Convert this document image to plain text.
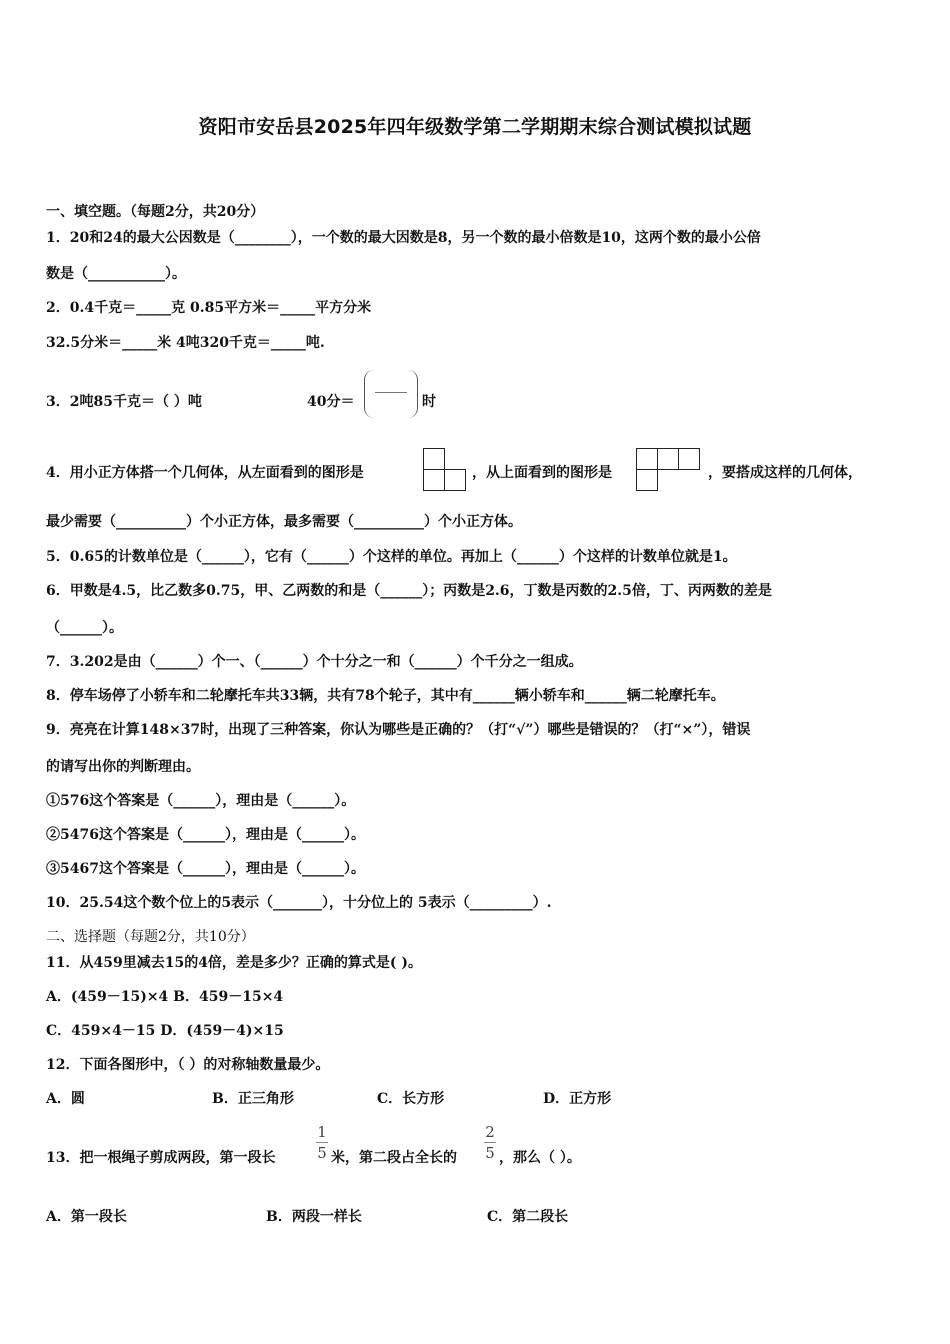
资阳市安岳县2025年四年级数学第二学期期末综合测试模拟试题
一、填空题。（每题2分，共20分）
1．20和24的最大公因数是（________），一个数的最大因数是8，另一个数的最小倍数是10，这两个数的最小公倍
数是（___________）。
2．0.4千克＝_____克 0.85平方米＝_____平方分米
32.5分米＝_____米 4吨320千克＝_____吨.
3．2吨85千克＝（ ）吨	40分＝	时
4．用小正方体搭一个几何体，从左面看到的图形是	，从上面看到的图形是	，要搭成这样的几何体，
最少需要（__________）个小正方体，最多需要（__________）个小正方体。
5．0.65的计数单位是（______），它有（______）个这样的单位。再加上（______）个这样的计数单位就是1。
6．甲数是4.5，比乙数多0.75，甲、乙两数的和是（______）；丙数是2.6，丁数是丙数的2.5倍，丁、丙两数的差是
（______）。
7．3.202是由（______）个一、（______）个十分之一和（______）个千分之一组成。
8．停车场停了小轿车和二轮摩托车共33辆，共有78个轮子，其中有______辆小轿车和______辆二轮摩托车。
9．亮亮在计算148×37时，出现了三种答案，你认为哪些是正确的？（打“√”）哪些是错误的？（打“×”），错误
的请写出你的判断理由。
①576这个答案是（______），理由是（______）。
②5476这个答案是（______），理由是（______）。
③5467这个答案是（______），理由是（______）。
10．25.54这个数个位上的5表示（_______），十分位上的 5表示（_________）.
二、选择题（每题2分，共10分）
11．从459里减去15的4倍，差是多少？正确的算式是( )。
A．(459－15)×4 B．459－15×4
C．459×4－15 D．(459－4)×15
12．下面各图形中，（ ）的对称轴数量最少。
A．圆	B．正三角形	C．长方形	D．正方形
13．把一根绳子剪成两段，第一段长
1
5 米，第二段占全长的
2
5 ，那么（ ）。
A．第一段长	B．两段一样长	C．第二段长
